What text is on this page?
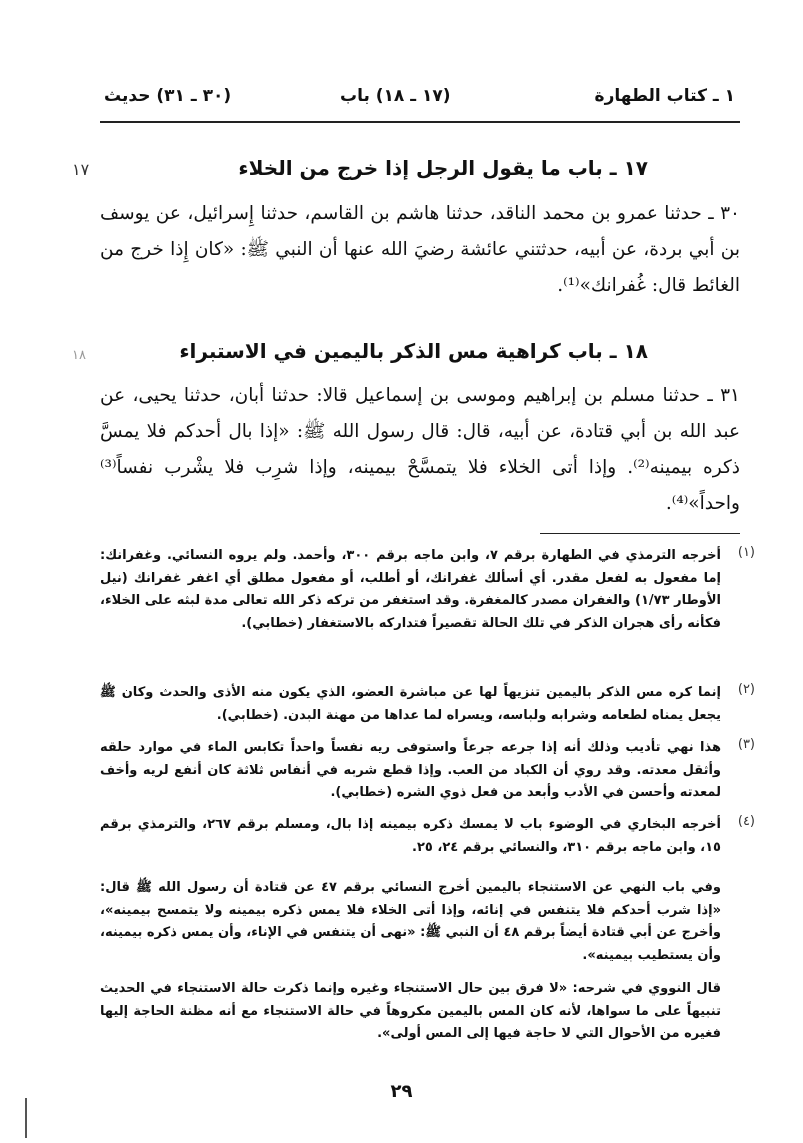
١ ـ كتاب الطهارة
(١٧ ـ ١٨) باب
(٣٠ ـ ٣١) حديث
١٧	١٧ ـ باب ما يقول الرجل إذا خرج من الخلاء
٣٠ ـ حدثنا عمرو بن محمد الناقد، حدثنا هاشم بن القاسم، حدثنا إِسرائيل، عن يوسف بن أبي بردة، عن أبيه، حدثتني عائشة رضيَ الله عنها أن النبي ﷺ: «كان إِذا خرج من الغائط قال: غُفرانك»⁽¹⁾.
١٨	١٨ ـ باب كراهية مس الذكر باليمين في الاستبراء
٣١ ـ حدثنا مسلم بن إبراهيم وموسى بن إسماعيل قالا: حدثنا أبان، حدثنا يحيى، عن عبد الله بن أبي قتادة، عن أبيه، قال: قال رسول الله ﷺ: «إذا بال أحدكم فلا يمسَّ ذكره بيمينه⁽²⁾. وإذا أتى الخلاء فلا يتمسَّحْ بيمينه، وإذا شرِب فلا يشْرب نفساً⁽³⁾ واحداً»⁽⁴⁾.
(١)
أخرجه الترمذي في الطهارة برقم ٧، وابن ماجه برقم ٣٠٠، وأحمد. ولم يروه النسائي. وغفرانك: إما مفعول به لفعل مقدر. أي أسألك غفرانك، أو أطلب، أو مفعول مطلق أي اغفر غفرانك (نيل الأوطار ١/٧٣) والغفران مصدر كالمغفرة. وقد استغفر من تركه ذكر الله تعالى مدة لبثه على الخلاء، فكأنه رأى هجران الذكر في تلك الحالة تقصيراً فتداركه بالاستغفار (خطابي).
(٢)
إنما كره مس الذكر باليمين تنزيهاً لها عن مباشرة العضو، الذي يكون منه الأذى والحدث وكان ﷺ يجعل يمناه لطعامه وشرابه ولباسه، ويسراه لما عداها من مهنة البدن. (خطابي).
(٣)
هذا نهي تأديب وذلك أنه إذا جرعه جرعاً واستوفى ريه نفساً واحداً تكابس الماء في موارد حلقه وأثقل معدته. وقد روي أن الكباد من العب. وإذا قطع شربه في أنفاس ثلاثة كان أنفع لريه وأخف لمعدته وأحسن في الأدب وأبعد من فعل ذوي الشره (خطابي).
(٤)
أخرجه البخاري في الوضوء باب لا يمسك ذكره بيمينه إذا بال، ومسلم برقم ٢٦٧، والترمذي برقم ١٥، وابن ماجه برقم ٣١٠، والنسائي برقم ٢٤، ٢٥.
وفي باب النهي عن الاستنجاء باليمين أخرج النسائي برقم ٤٧ عن قتادة أن رسول الله ﷺ قال: «إذا شرب أحدكم فلا يتنفس في إنائه، وإذا أتى الخلاء فلا يمس ذكره بيمينه ولا يتمسح بيمينه»، وأخرج عن أبي قتادة أيضاً برقم ٤٨ أن النبي ﷺ: «نهى أن يتنفس في الإناء، وأن يمس ذكره بيمينه، وأن يستطيب بيمينه».
قال النووي في شرحه: «لا فرق بين حال الاستنجاء وغيره وإنما ذكرت حالة الاستنجاء في الحديث تنبيهاً على ما سواها، لأنه كان المس باليمين مكروهاً في حالة الاستنجاء مع أنه مظنة الحاجة إليها فغيره من الأحوال التي لا حاجة فيها إلى المس أولى».
٢٩
